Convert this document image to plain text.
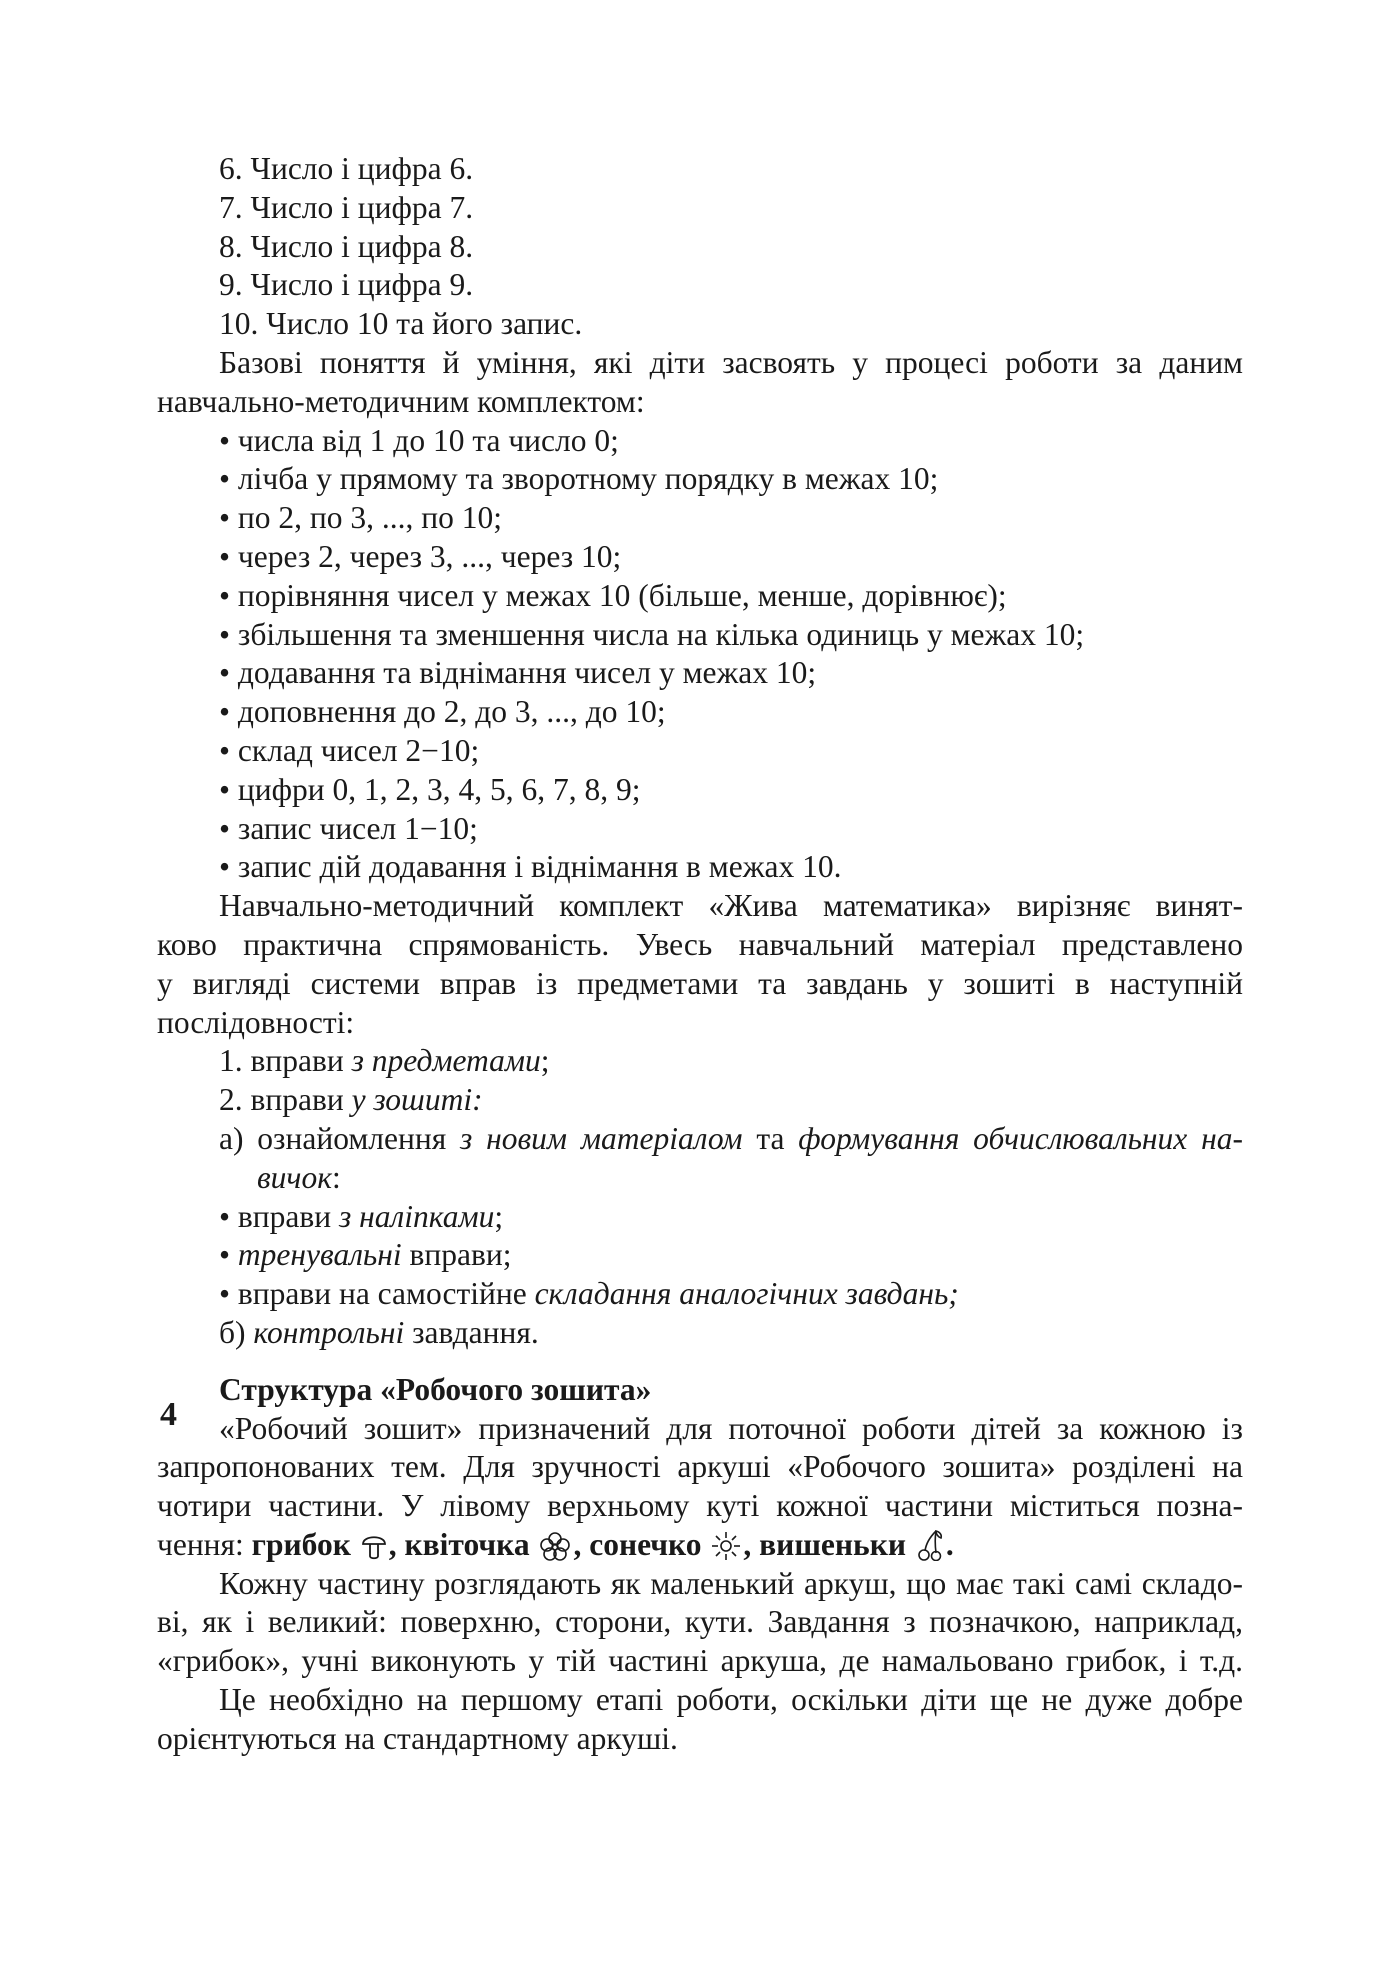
6. Число і цифра 6.
7. Число і цифра 7.
8. Число і цифра 8.
9. Число і цифра 9.
10. Число 10 та його запис.
Базові поняття й уміння, які діти засвоять у процесі роботи за даним
навчально-методичним комплектом:
• числа від 1 до 10 та число 0;
• лічба у прямому та зворотному порядку в межах 10;
• по 2, по 3, ..., по 10;
• через 2, через 3, ..., через 10;
• порівняння чисел у межах 10 (більше, менше, дорівнює);
• збільшення та зменшення числа на кілька одиниць у межах 10;
• додавання та віднімання чисел у межах 10;
• доповнення до 2, до 3, ..., до 10;
• склад чисел 2−10;
• цифри 0, 1, 2, 3, 4, 5, 6, 7, 8, 9;
• запис чисел 1−10;
• запис дій додавання і віднімання в межах 10.
Навчально-методичний комплект «Жива математика» вирізняє винят-
ково практична спрямованість. Увесь навчальний матеріал представлено
у вигляді системи вправ із предметами та завдань у зошиті в наступній
послідовності:
1. вправи з предметами;
2. вправи у зошиті:
а) ознайомлення з новим матеріалом та формування обчислювальних на-
вичок:
• вправи з наліпками;
• тренувальні вправи;
• вправи на самостійне складання аналогічних завдань;
б) контрольні завдання.
Структура «Робочого зошита»
«Робочий зошит» призначений для поточної роботи дітей за кожною із
запропонованих тем. Для зручності аркуші «Робочого зошита» розділені на
чотири частини. У лівому верхньому куті кожної частини міститься позна-
чення: грибок , квіточка , сонечко , вишеньки .
Кожну частину розглядають як маленький аркуш, що має такі самі складо-
ві, як і великий: поверхню, сторони, кути. Завдання з позначкою, наприклад,
«грибок», учні виконують у тій частині аркуша, де намальовано грибок, і т.д.
Це необхідно на першому етапі роботи, оскільки діти ще не дуже добре
орієнтуються на стандартному аркуші.
4
